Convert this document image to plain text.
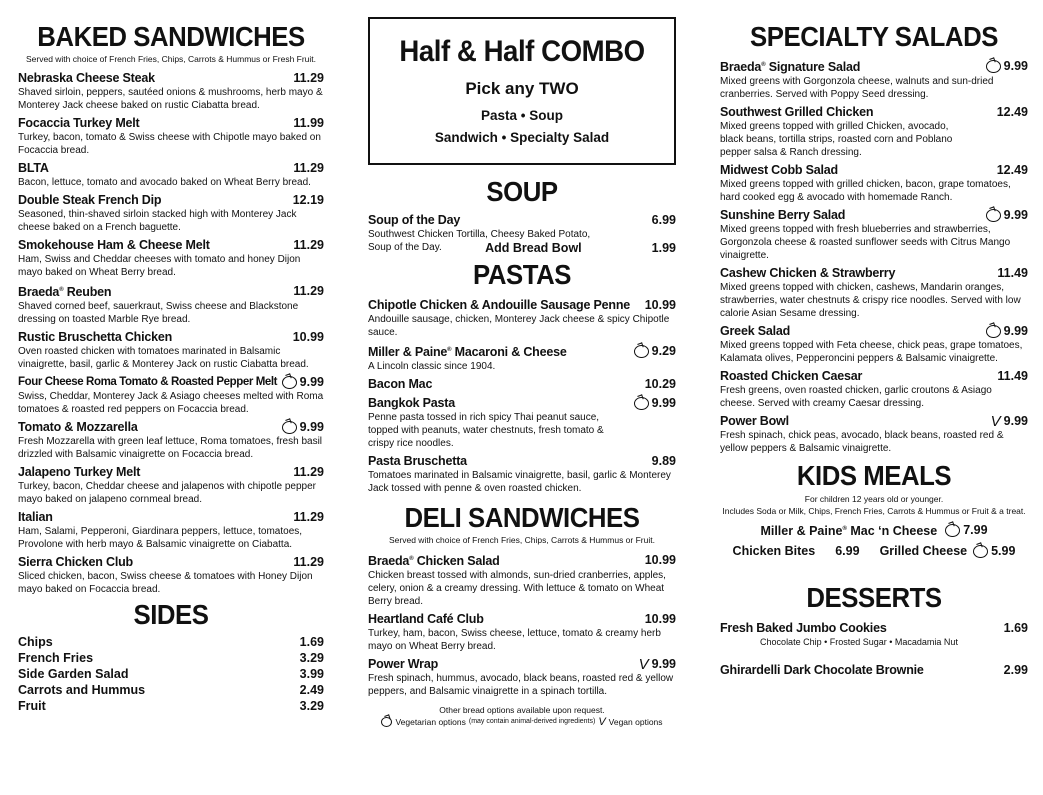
BAKED SANDWICHES
Served with choice of French Fries, Chips, Carrots & Hummus or Fresh Fruit.
Nebraska Cheese Steak	11.29
Shaved sirloin, peppers, sautéed onions & mushrooms, herb mayo & Monterey Jack cheese baked on rustic Ciabatta bread.
Focaccia Turkey Melt	11.99
Turkey, bacon, tomato & Swiss cheese with Chipotle mayo baked on Focaccia bread.
BLTA	11.29
Bacon, lettuce, tomato and avocado baked on Wheat Berry bread.
Double Steak French Dip	12.19
Seasoned, thin-shaved sirloin stacked high with Monterey Jack cheese baked on a French baguette.
Smokehouse Ham & Cheese Melt	11.29
Ham, Swiss and Cheddar cheeses with tomato and honey Dijon mayo baked on Wheat Berry bread.
Braeda® Reuben	11.29
Shaved corned beef, sauerkraut, Swiss cheese and Blackstone dressing on toasted Marble Rye bread.
Rustic Bruschetta Chicken	10.99
Oven roasted chicken with tomatoes marinated in Balsamic vinaigrette, basil, garlic & Monterey Jack on rustic Ciabatta bread.
Four Cheese Roma Tomato & Roasted Pepper Melt 9.99
Swiss, Cheddar, Monterey Jack & Asiago cheeses melted with Roma tomatoes & roasted red peppers on Focaccia bread.
Tomato & Mozzarella	9.99
Fresh Mozzarella with green leaf lettuce, Roma tomatoes, fresh basil drizzled with Balsamic vinaigrette on Focaccia bread.
Jalapeno Turkey Melt	11.29
Turkey, bacon, Cheddar cheese and jalapenos with chipotle pepper mayo baked on jalapeno cornmeal bread.
Italian	11.29
Ham, Salami, Pepperoni, Giardinara peppers, lettuce, tomatoes, Provolone with herb mayo & Balsamic vinaigrette on Ciabatta.
Sierra Chicken Club	11.29
Sliced chicken, bacon, Swiss cheese & tomatoes with Honey Dijon mayo baked on Focaccia bread.
SIDES
Chips	1.69
French Fries	3.29
Side Garden Salad	3.99
Carrots and Hummus	2.49
Fruit	3.29
Half & Half COMBO
Pick any TWO
Pasta • Soup
Sandwich • Specialty Salad
SOUP
Soup of the Day	6.99
Southwest Chicken Tortilla, Cheesy Baked Potato, Soup of the Day.	Add Bread Bowl	1.99
PASTAS
Chipotle Chicken & Andouille Sausage Penne 10.99
Andouille sausage, chicken, Monterey Jack cheese & spicy Chipotle sauce.
Miller & Paine® Macaroni & Cheese	9.29
A Lincoln classic since 1904.
Bacon Mac	10.29
Bangkok Pasta	9.99
Penne pasta tossed in rich spicy Thai peanut sauce, topped with peanuts, water chestnuts, fresh tomato & crispy rice noodles.
Pasta Bruschetta	9.89
Tomatoes marinated in Balsamic vinaigrette, basil, garlic & Monterey Jack tossed with penne & oven roasted chicken.
DELI SANDWICHES
Served with choice of French Fries, Chips, Carrots & Hummus or Fruit.
Braeda® Chicken Salad	10.99
Chicken breast tossed with almonds, sun-dried cranberries, apples, celery, onion & a creamy dressing. With lettuce & tomato on Wheat Berry bread.
Heartland Café Club	10.99
Turkey, ham, bacon, Swiss cheese, lettuce, tomato & creamy herb mayo on Wheat Berry bread.
Power Wrap	V 9.99
Fresh spinach, hummus, avocado, black beans, roasted red & yellow peppers, and Balsamic vinaigrette in a spinach tortilla.
Other bread options available upon request.
Vegetarian options (may contain animal-derived ingredients) V Vegan options
SPECIALTY SALADS
Braeda® Signature Salad	9.99
Mixed greens with Gorgonzola cheese, walnuts and sun-dried cranberries. Served with Poppy Seed dressing.
Southwest Grilled Chicken	12.49
Mixed greens topped with grilled Chicken, avocado, black beans, tortilla strips, roasted corn and Poblano pepper salsa & Ranch dressing.
Midwest Cobb Salad	12.49
Mixed greens topped with grilled chicken, bacon, grape tomatoes, hard cooked egg & avocado with homemade Ranch.
Sunshine Berry Salad	9.99
Mixed greens topped with fresh blueberries and strawberries, Gorgonzola cheese & roasted sunflower seeds with Citrus Mango vinaigrette.
Cashew Chicken & Strawberry	11.49
Mixed greens topped with chicken, cashews, Mandarin oranges, strawberries, water chestnuts & crispy rice noodles. Served with low calorie Asian Sesame dressing.
Greek Salad	9.99
Mixed greens topped with Feta cheese, chick peas, grape tomatoes, Kalamata olives, Pepperoncini peppers & Balsamic vinaigrette.
Roasted Chicken Caesar	11.49
Fresh greens, oven roasted chicken, garlic croutons & Asiago cheese. Served with creamy Caesar dressing.
Power Bowl	V 9.99
Fresh spinach, chick peas, avocado, black beans, roasted red & yellow peppers & Balsamic vinaigrette.
KIDS MEALS
For children 12 years old or younger.
Includes Soda or Milk, Chips, French Fries, Carrots & Hummus or Fruit & a treat.
Miller & Paine® Mac ‘n Cheese 7.99
Chicken Bites 6.99 Grilled Cheese 5.99
DESSERTS
Fresh Baked Jumbo Cookies	1.69
Chocolate Chip • Frosted Sugar • Macadamia Nut
Ghirardelli Dark Chocolate Brownie	2.99
